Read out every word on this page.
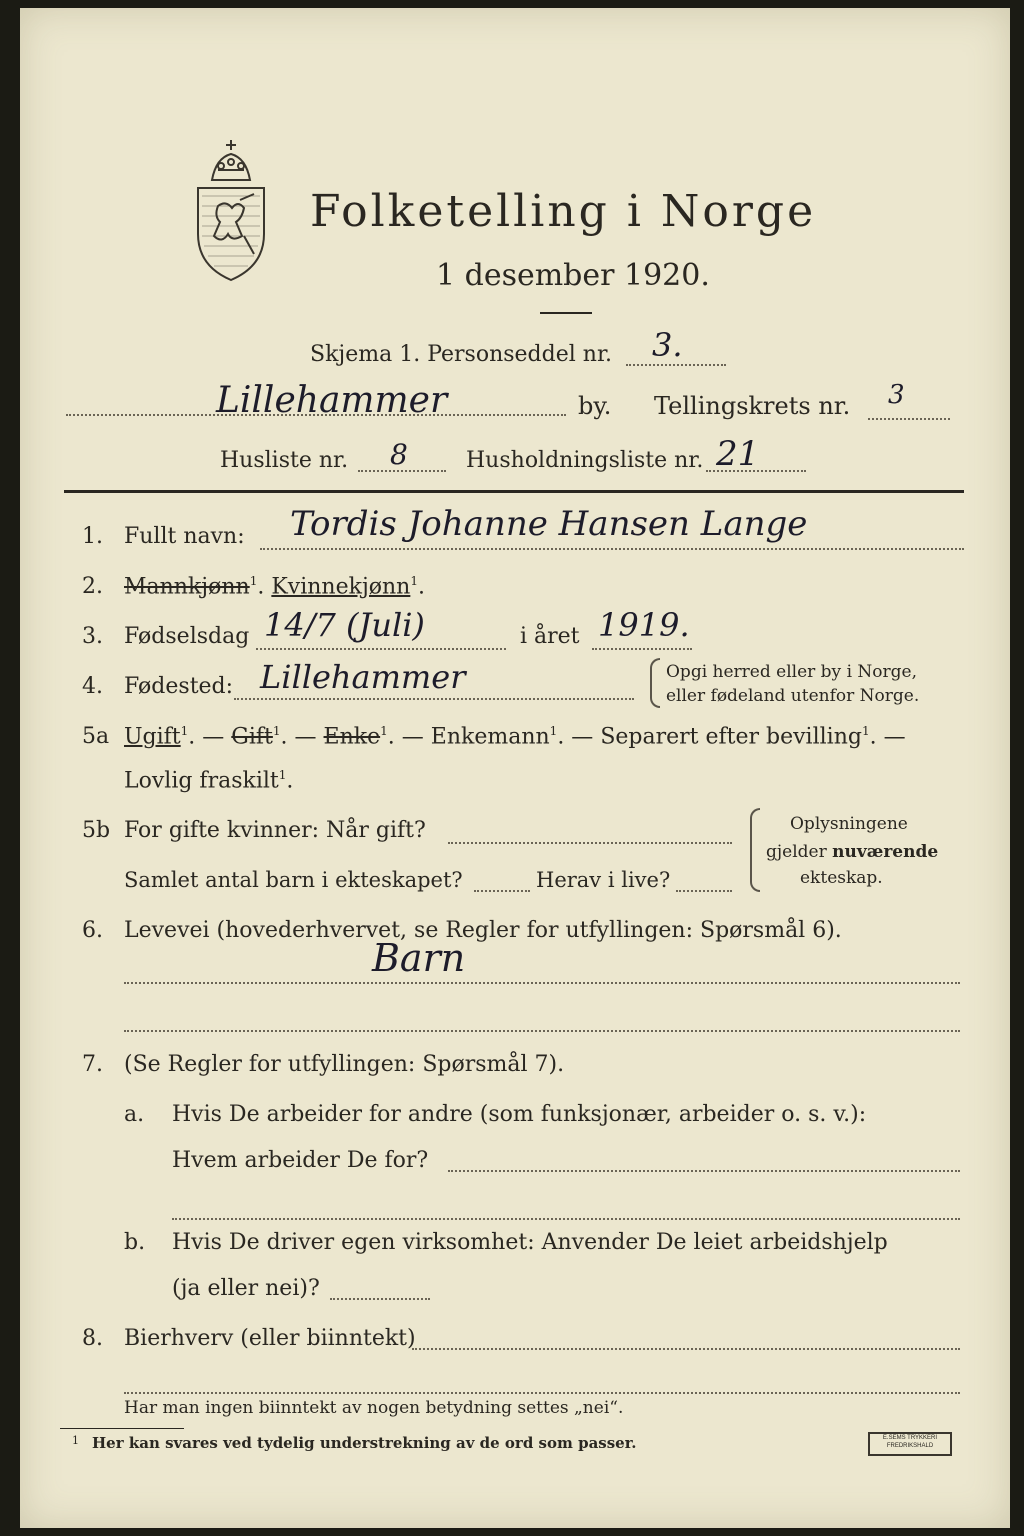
Folketelling i Norge
1 desember 1920.
Skjema 1. Personseddel nr. 3.
Lillehammer	by. Tellingskrets nr. 3
Husliste nr. 8	Husholdningsliste nr. 21
1. Fullt navn: Tordis Johanne Hansen Lange
2. Mannkjønn$^1$. Kvinnekjønn$^1$.
3. Fødselsdag 14/7 (Juli)	i året 1919.
4. Fødested: Lillehammer	Opgi herred eller by i Norge,
eller fødeland utenfor Norge.
5a Ugift$^1$. — Gift$^1$. — Enke$^1$. — Enkemann$^1$. — Separert efter bevilling$^1$. —
Lovlig fraskilt$^1$.
5b For gifte kvinner: Når gift?
Samlet antal barn i ekteskapet?	Herav i live?
Oplysningene
gjelder nuværende
ekteskap.
6. Levevei (hovederhvervet, se Regler for utfyllingen: Spørsmål 6).
Barn
7. (Se Regler for utfyllingen: Spørsmål 7).
a. Hvis De arbeider for andre (som funksjonær, arbeider o. s. v.):
Hvem arbeider De for?
b. Hvis De driver egen virksomhet: Anvender De leiet arbeidshjelp
(ja eller nei)?
8. Bierhverv (eller biinntekt)
Har man ingen biinntekt av nogen betydning settes „nei“.
1 Her kan svares ved tydelig understrekning av de ord som passer.	E.SEMS TRYKKERI
FREDRIKSHALD
